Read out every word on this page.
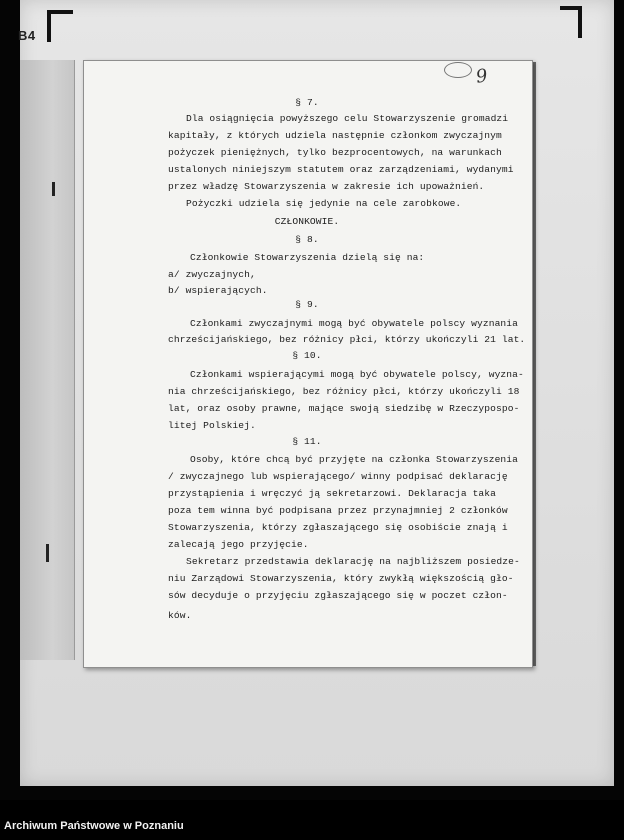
B4
9
§ 7.
Dla osiągnięcia powyższego celu Stowarzyszenie gromadzi
kapitały, z których udziela następnie członkom zwyczajnym
pożyczek pieniężnych, tylko bezprocentowych, na warunkach
ustalonych niniejszym statutem oraz zarządzeniami, wydanymi
przez władzę Stowarzyszenia w zakresie ich upoważnień.
Pożyczki udziela się jedynie na cele zarobkowe.
CZŁONKOWIE.
§ 8.
Członkowie Stowarzyszenia dzielą się na:
a/ zwyczajnych,
b/ wspierających.
§ 9.
Członkami zwyczajnymi mogą być obywatele polscy wyznania
chrześcijańskiego, bez różnicy płci, którzy ukończyli 21 lat.
§ 10.
Członkami wspierającymi mogą być obywatele polscy, wyzna-
nia chrześcijańskiego, bez różnicy płci, którzy ukończyli 18
lat, oraz osoby prawne, mające swoją siedzibę w Rzeczypospo-
litej Polskiej.
§ 11.
Osoby, które chcą być przyjęte na członka Stowarzyszenia
/ zwyczajnego lub wspierającego/ winny podpisać deklarację
przystąpienia i wręczyć ją sekretarzowi. Deklaracja taka
poza tem winna być podpisana przez przynajmniej 2 członków
Stowarzyszenia, którzy zgłaszającego się osobiście znają i
zalecają jego przyjęcie.
Sekretarz przedstawia deklarację na najbliższem posiedze-
niu Zarządowi Stowarzyszenia, który zwykłą większością gło-
sów decyduje o przyjęciu zgłaszającego się w poczet człon-
ków.
Archiwum Państwowe w Poznaniu
